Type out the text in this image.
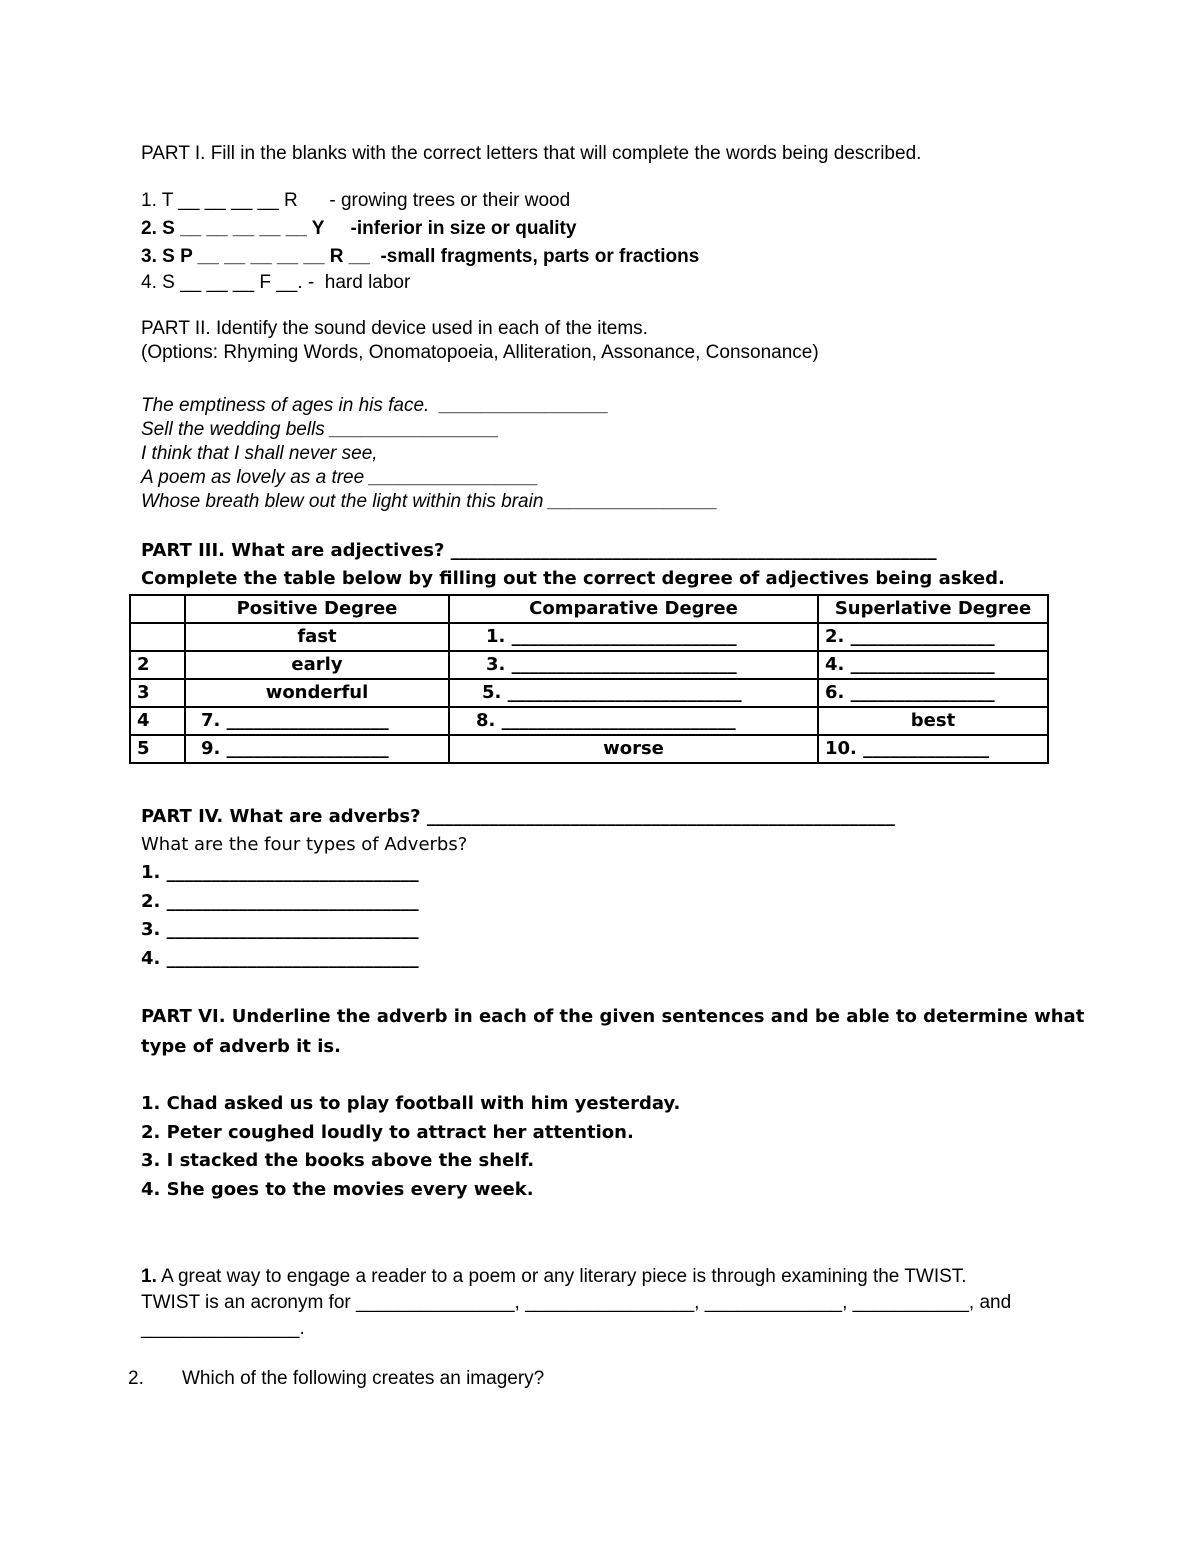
PART I. Fill in the blanks with the correct letters that will complete the words being described.
1. T __ __ __ __ R      - growing trees or their wood
2. S __ __ __ __ __ Y     -inferior in size or quality
3. S P __ __ __ __ __ R __  -small fragments, parts or fractions
4. S __ __ __ F __. -  hard labor
PART II. Identify the sound device used in each of the items.
(Options: Rhyming Words, Onomatopoeia, Alliteration, Assonance, Consonance)
The emptiness of ages in his face.  ________________
Sell the wedding bells ________________
I think that I shall never see,
A poem as lovely as a tree ________________
Whose breath blew out the light within this brain ________________
PART III. What are adjectives? ______________________________________________________
Complete the table below by filling out the correct degree of adjectives being asked.
	Positive Degree	Comparative Degree	Superlative Degree
	fast	1. _________________________	2. ________________
2	early	3. _________________________	4. ________________
3	wonderful	5. __________________________	6. ________________
4	7. __________________	8. __________________________	best
5	9. __________________	worse	10. ______________
PART IV. What are adverbs? ____________________________________________________
What are the four types of Adverbs?
1. ____________________________
2. ____________________________
3. ____________________________
4. ____________________________
PART VI. Underline the adverb in each of the given sentences and be able to determine what
type of adverb it is.
1. Chad asked us to play football with him yesterday.
2. Peter coughed loudly to attract her attention.
3. I stacked the books above the shelf.
4. She goes to the movies every week.
1. A great way to engage a reader to a poem or any literary piece is through examining the TWIST.
TWIST is an acronym for _______________, ________________, _____________, ___________, and
_______________.
2. Which of the following creates an imagery?
